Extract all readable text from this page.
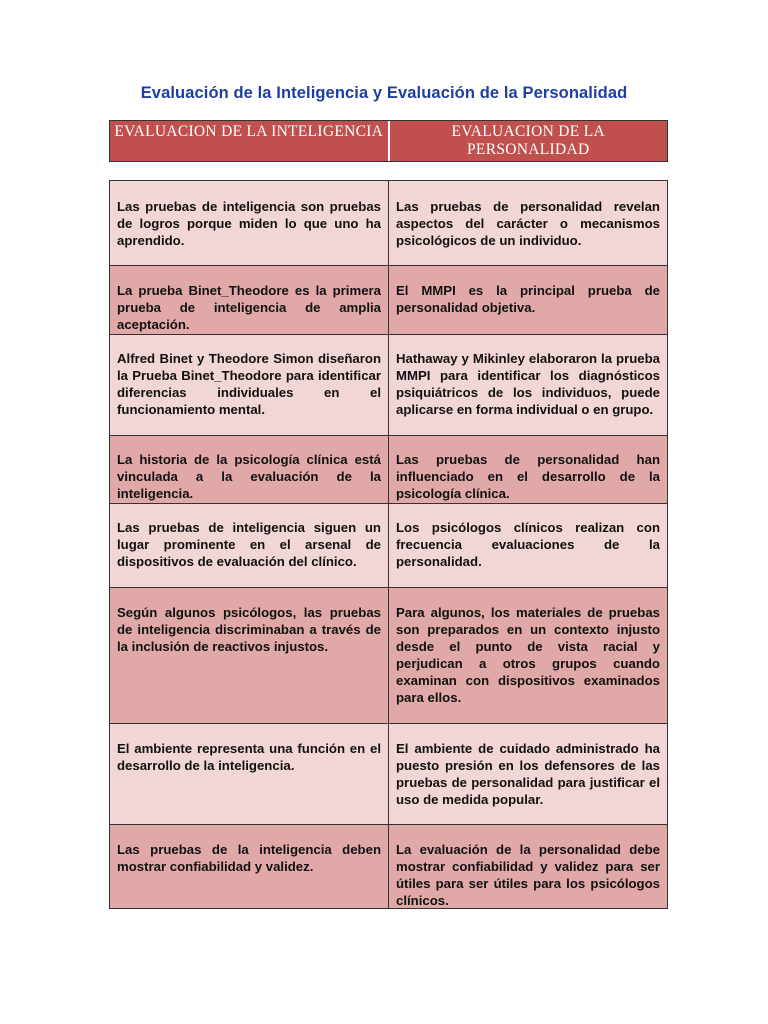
Evaluación de la Inteligencia y Evaluación de la Personalidad
EVALUACION DE LA INTELIGENCIA	EVALUACION DE LA PERSONALIDAD
Las pruebas de inteligencia son pruebas de logros porque miden lo que uno ha aprendido.
Las pruebas de personalidad revelan aspectos del carácter o mecanismos psicológicos de un individuo.
La prueba Binet_Theodore es la primera prueba de inteligencia de amplia aceptación.
El MMPI es la principal prueba de personalidad objetiva.
Alfred Binet y Theodore Simon diseñaron la Prueba Binet_Theodore para identificar diferencias individuales en el funcionamiento mental.
Hathaway y Mikinley elaboraron la prueba MMPI para identificar los diagnósticos psiquiátricos de los individuos, puede aplicarse en forma individual o en grupo.
La historia de la psicología clínica está vinculada a la evaluación de la inteligencia.
Las pruebas de personalidad han influenciado en el desarrollo de la psicología clínica.
Las pruebas de inteligencia siguen un lugar prominente en el arsenal de dispositivos de evaluación del clínico.
Los psicólogos clínicos realizan con frecuencia evaluaciones de la personalidad.
Según algunos psicólogos, las pruebas de inteligencia discriminaban a través de la inclusión de reactivos injustos.
Para algunos, los materiales de pruebas son preparados en un contexto injusto desde el punto de vista racial y perjudican a otros grupos cuando examinan con dispositivos examinados para ellos.
El ambiente representa una función en el desarrollo de la inteligencia.
El ambiente de cuidado administrado ha puesto presión en los defensores de las pruebas de personalidad para justificar el uso de medida popular.
Las pruebas de la inteligencia deben mostrar confiabilidad y validez.
La evaluación de la personalidad debe mostrar confiabilidad y validez para ser útiles para ser útiles para los psicólogos clínicos.
